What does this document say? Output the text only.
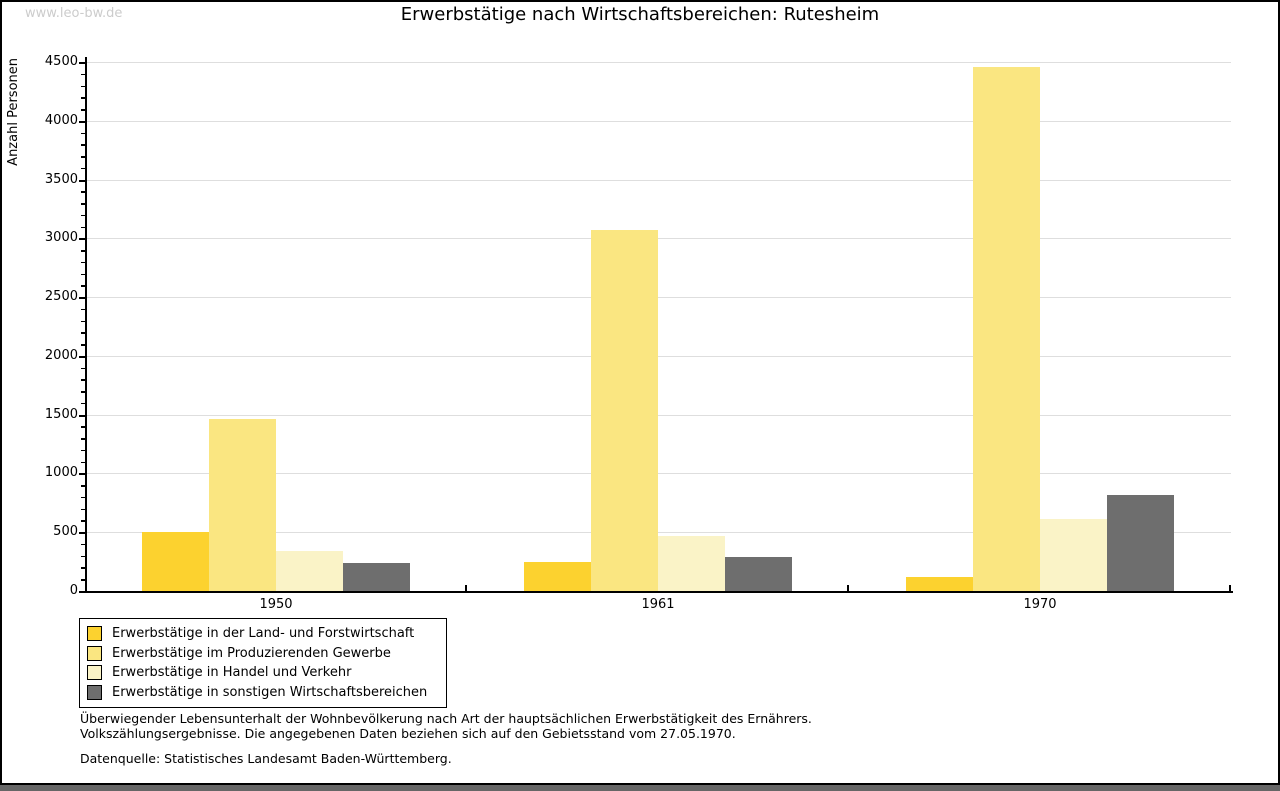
www.leo-bw.de	Erwerbstätige nach Wirtschaftsbereichen: Rutesheim
Anzahl Personen
0
500
1000
1500
2000
2500
3000
3500
4000
4500
1950	1961	1970
Erwerbstätige in der Land- und Forstwirtschaft
Erwerbstätige im Produzierenden Gewerbe
Erwerbstätige in Handel und Verkehr
Erwerbstätige in sonstigen Wirtschaftsbereichen
Überwiegender Lebensunterhalt der Wohnbevölkerung nach Art der hauptsächlichen Erwerbstätigkeit des Ernährers.
Volkszählungsergebnisse. Die angegebenen Daten beziehen sich auf den Gebietsstand vom 27.05.1970.
Datenquelle: Statistisches Landesamt Baden-Württemberg.
